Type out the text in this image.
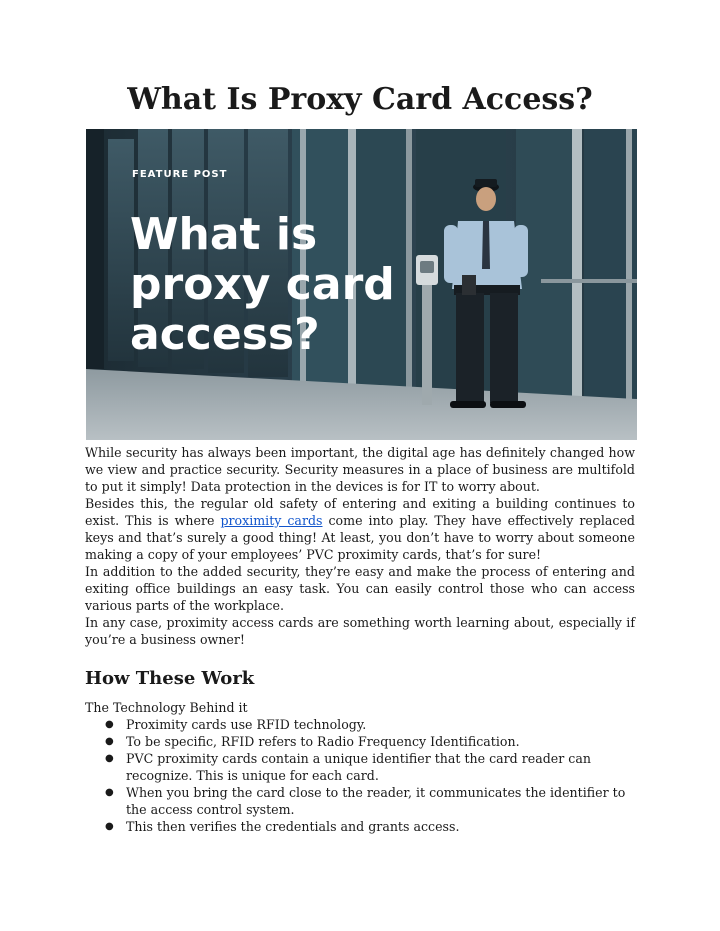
What Is Proxy Card Access?
FEATURE POST
What is
proxy card
access?

While security has always been important, the digital age has definitely changed how we view and practice security. Security measures in a place of business are multifold to put it simply! Data protection in the devices is for IT to worry about.

Besides this, the regular old safety of entering and exiting a building continues to exist. This is where proximity cards come into play. They have effectively replaced keys and that’s surely a good thing! At least, you don’t have to worry about someone making a copy of your employees’ PVC proximity cards, that’s for sure!

In addition to the added security, they’re easy and make the process of entering and exiting office buildings an easy task. You can easily control those who can access various parts of the workplace.

In any case, proximity access cards are something worth learning about, especially if you’re a business owner!

How These Work

The Technology Behind it

● Proximity cards use RFID technology.
● To be specific, RFID refers to Radio Frequency Identification.
● PVC proximity cards contain a unique identifier that the card reader can recognize. This is unique for each card.
● When you bring the card close to the reader, it communicates the identifier to the access control system.
● This then verifies the credentials and grants access.
